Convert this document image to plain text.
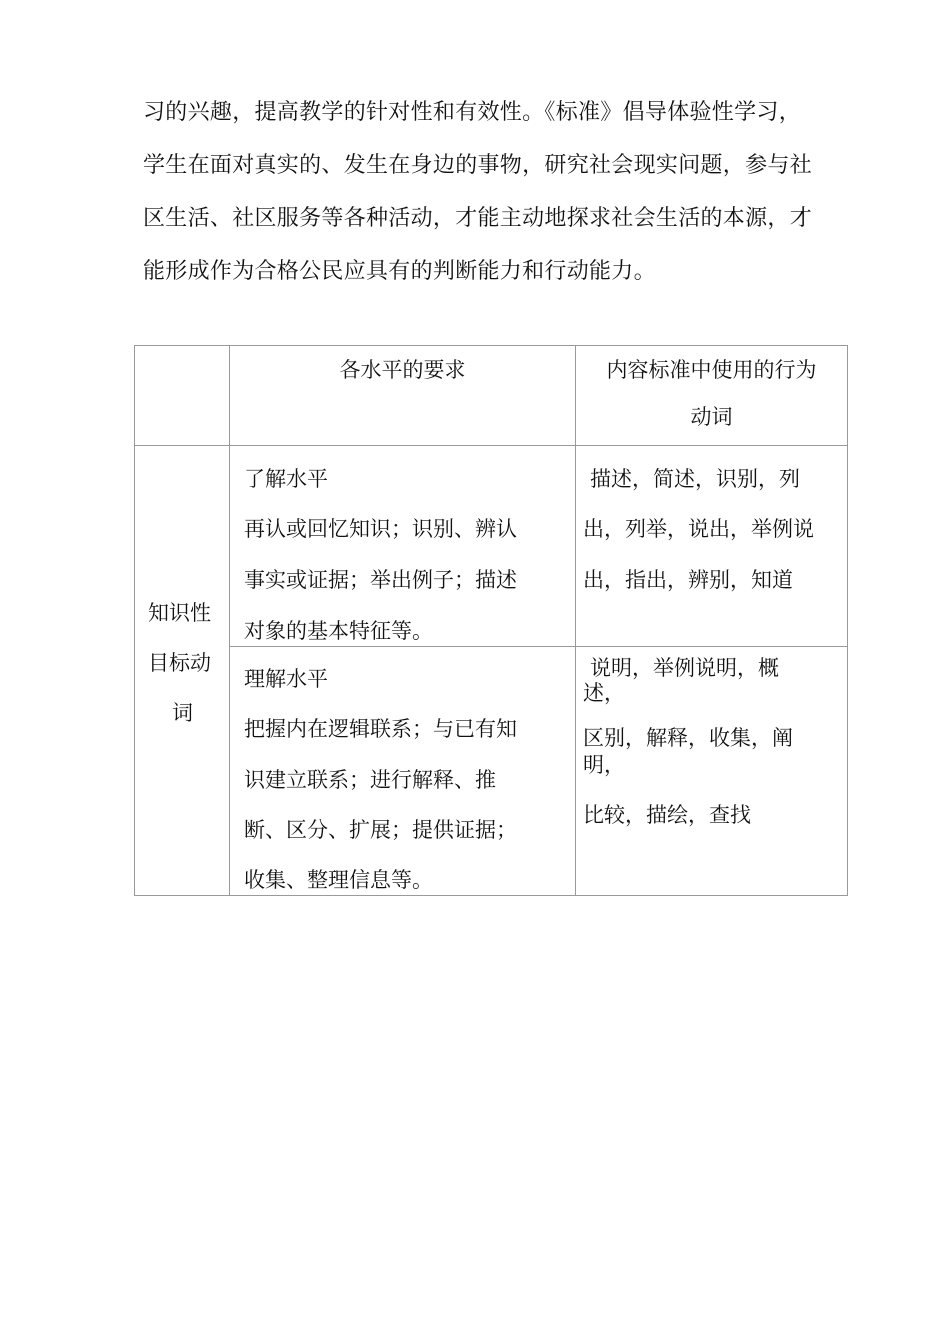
习的兴趣，提高教学的针对性和有效性。《标准》倡导体验性学习，
学生在面对真实的、发生在身边的事物，研究社会现实问题，参与社
区生活、社区服务等各种活动，才能主动地探求社会生活的本源，才
能形成作为合格公民应具有的判断能力和行动能力。
各水平的要求	内容标准中使用的行为
动词
知识性
目标动
词
了解水平
再认或回忆知识；识别、辨认
事实或证据；举出例子；描述
对象的基本特征等。
描述，简述，识别，列
出，列举，说出，举例说
出，指出，辨别，知道
理解水平
把握内在逻辑联系；与已有知
识建立联系；进行解释、推
断、区分、扩展；提供证据；
收集、整理信息等。
说明，举例说明，概
述，
区别，解释，收集，阐
明，
比较，描绘，查找
